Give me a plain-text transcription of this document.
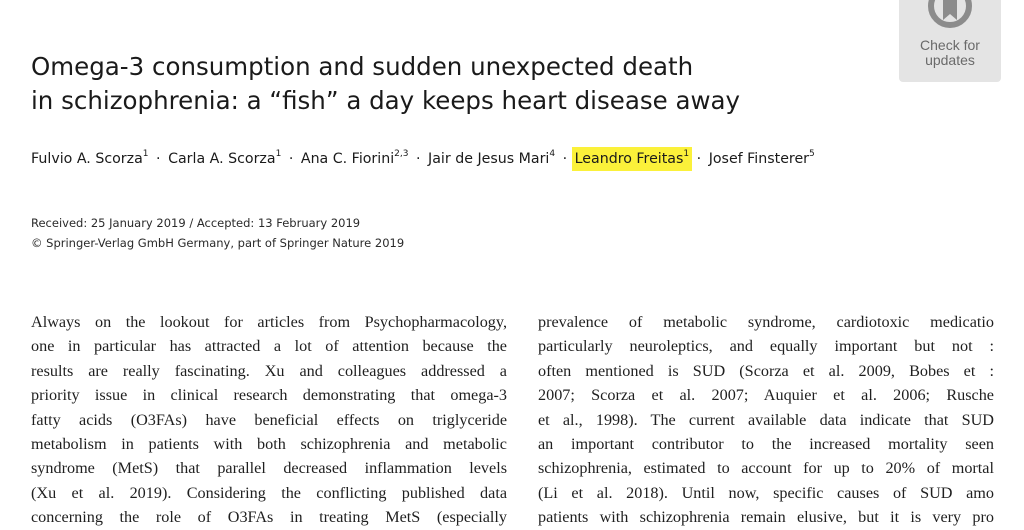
Check for
updates
Omega-3 consumption and sudden unexpected death
in schizophrenia: a “fish” a day keeps heart disease away
Fulvio A. Scorza$^1$ · Carla A. Scorza$^1$ · Ana C. Fiorini$^{2,3}$ · Jair de Jesus Mari$^4$ · Leandro Freitas$^1$ · Josef Finsterer$^5$
Received: 25 January 2019 / Accepted: 13 February 2019
© Springer-Verlag GmbH Germany, part of Springer Nature 2019
Always on the lookout for articles from Psychopharmacology,
one in particular has attracted a lot of attention because the
results are really fascinating. Xu and colleagues addressed a
priority issue in clinical research demonstrating that omega-3
fatty acids (O3FAs) have beneficial effects on triglyceride
metabolism in patients with both schizophrenia and metabolic
syndrome (MetS) that parallel decreased inflammation levels
(Xu et al. 2019). Considering the conflicting published data
concerning the role of O3FAs in treating MetS (especially
prevalence of metabolic syndrome, cardiotoxic medicatio
particularly neuroleptics, and equally important but not :
often mentioned is SUD (Scorza et al. 2009, Bobes et :
2007; Scorza et al. 2007; Auquier et al. 2006; Rusche
et al., 1998). The current available data indicate that SUD
an important contributor to the increased mortality seen
schizophrenia, estimated to account for up to 20% of mortal
(Li et al. 2018). Until now, specific causes of SUD amo
patients with schizophrenia remain elusive, but it is very pro
